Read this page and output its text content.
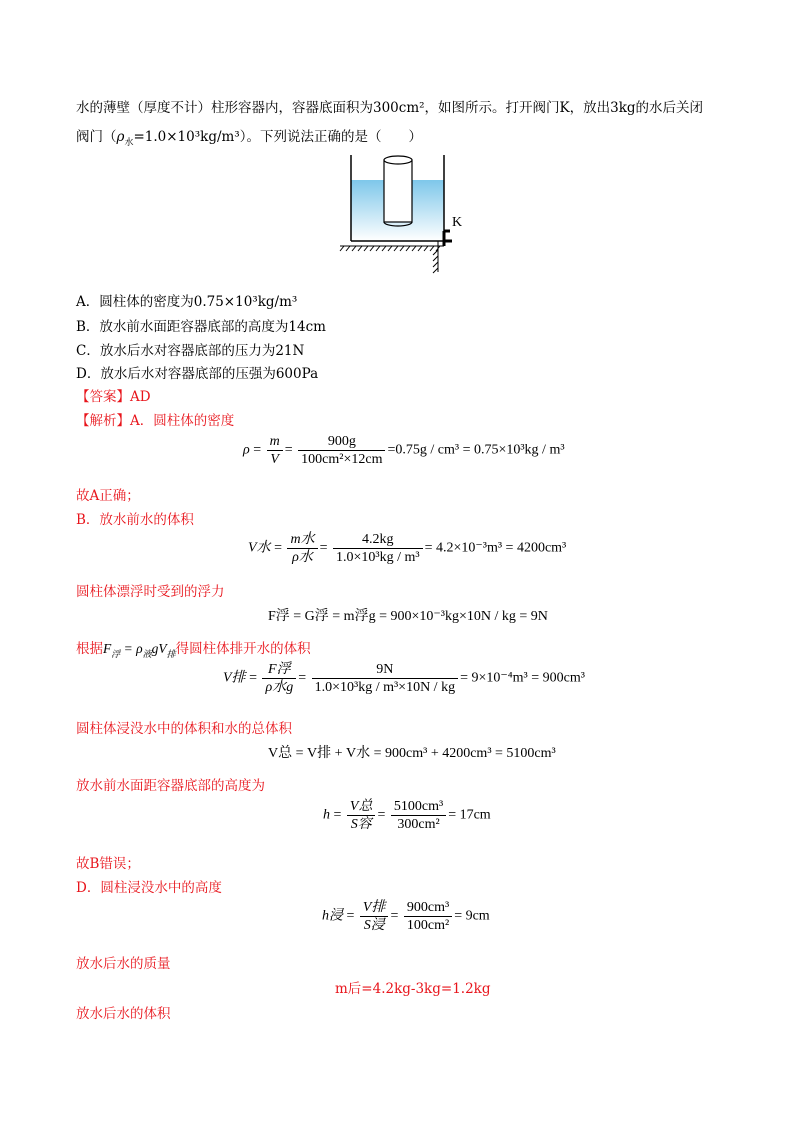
水的薄壁（厚度不计）柱形容器内，容器底面积为300cm²，如图所示。打开阀门K，放出3kg的水后关闭
阀门$(\rho_水=1.0\times 10^3kg/m^3)$。下列说法正确的是（　　）
K
A．圆柱体的密度为0.75×10³kg/m³
B．放水前水面距容器底部的高度为14cm
C．放水后水对容器底部的压力为21N
D．放水后水对容器底部的压强为600Pa
【答案】AD
【解析】A．圆柱体的密度
$\rho = \frac{m}{V} = \frac{900g}{\text{100cm²×12cm}} =0.75g / cm^3 = 0.75\times 10^3kg / m^3$
故A正确；
B．放水前水的体积
V水 = $\frac{\text{m水}}{\text{ρ水}} = \frac{4.2kg}{\text{1.0×10³kg / m³}} = 4.2\times 10^{-3}m^3 = 4200cm^3$
圆柱体漂浮时受到的浮力
F浮 = G浮 = m浮g = 900×10⁻³kg×10N / kg = 9N
根据$F_浮 = \rho_液gV_排$得圆柱体排开水的体积
V排 = $\frac{\text{F浮}}{\text{ρ水g}} = \frac{9N}{\text{1.0×10³kg / m³×10N / kg}} = 9\times 10^{-4}m^3 = 900cm^3$
圆柱体浸没水中的体积和水的总体积
V总 = V排 + V水 = 900cm³ + 4200cm³ = 5100cm³
放水前水面距容器底部的高度为
$h = \frac{\text{V总}}{\text{S容}} = \frac{\text{5100cm³}}{\text{300cm²}} = 17cm$
故B错误；
D．圆柱浸没水中的高度
h浸 = $\frac{\text{V排}}{\text{S浸}} = \frac{\text{900cm³}}{\text{100cm²}} = 9cm$
放水后水的质量
m后=4.2kg-3kg=1.2kg
放水后水的体积
